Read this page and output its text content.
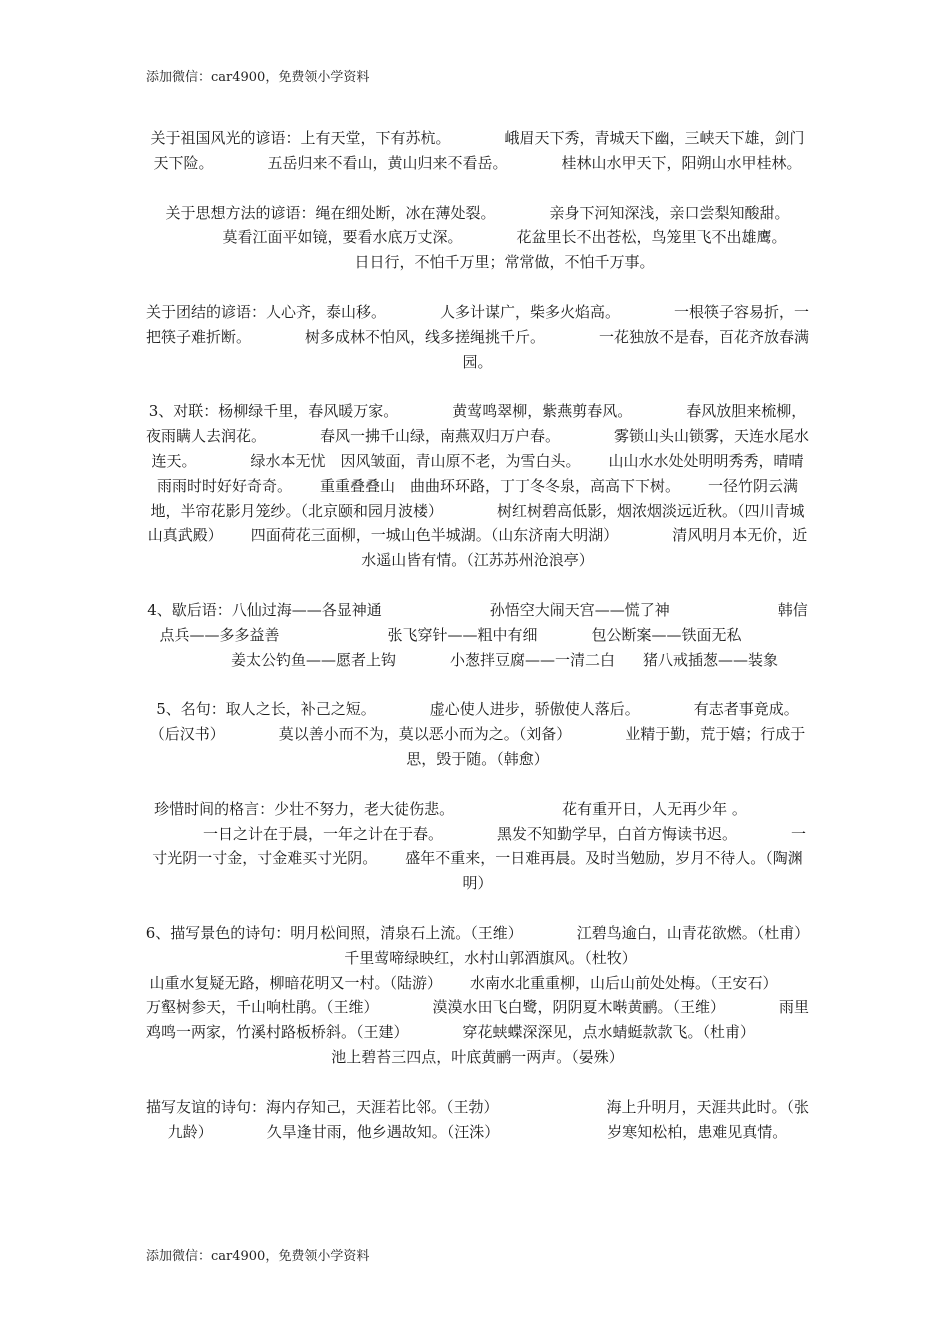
添加微信：car4900，免费领小学资料

关于祖国风光的谚语：上有天堂，下有苏杭。	峨眉天下秀，青城天下幽，三峡天下雄，剑门天下险。	五岳归来不看山，黄山归来不看岳。	桂林山水甲天下，阳朔山水甲桂林。

关于思想方法的谚语：绳在细处断，冰在薄处裂。	亲身下河知深浅，亲口尝梨知酸甜。莫看江面平如镜，要看水底万丈深。	花盆里长不出苍松，鸟笼里飞不出雄鹰。日日行，不怕千万里；常常做，不怕千万事。

关于团结的谚语：人心齐，泰山移。	人多计谋广，柴多火焰高。	一根筷子容易折，一把筷子难折断。	树多成林不怕风，线多搓绳挑千斤。	一花独放不是春，百花齐放春满园。

3、对联：杨柳绿千里，春风暖万家。	黄莺鸣翠柳，紫燕剪春风。	春风放胆来梳柳，夜雨瞒人去润花。	春风一拂千山绿，南燕双归万户春。	雾锁山头山锁雾，天连水尾水连天。	绿水本无忧　因风皱面，青山原不老，为雪白头。 山山水水处处明明秀秀，晴晴雨雨时时好好奇奇。 重重叠叠山　曲曲环环路，丁丁冬冬泉，高高下下树。 一径竹阴云满地，半帘花影月笼纱。（北京颐和园月波楼）	树红树碧高低影，烟浓烟淡远近秋。（四川青城山真武殿） 四面荷花三面柳，一城山色半城湖。（山东济南大明湖）	清风明月本无价，近水遥山皆有情。（江苏苏州沧浪亭）

4、歇后语：八仙过海——各显神通	孙悟空大闹天宫——慌了神	韩信点兵——多多益善	张飞穿针——粗中有细	包公断案——铁面无私姜太公钓鱼——愿者上钩	小葱拌豆腐——一清二白 猪八戒插葱——装象

5、名句：取人之长，补己之短。	虚心使人进步，骄傲使人落后。	有志者事竟成。（后汉书）	莫以善小而不为，莫以恶小而为之。（刘备）	业精于勤，荒于嬉；行成于思，毁于随。（韩愈）

珍惜时间的格言：少壮不努力，老大徒伤悲。	花有重开日，人无再少年 。一日之计在于晨，一年之计在于春。	黑发不知勤学早，白首方悔读书迟。	一寸光阴一寸金，寸金难买寸光阴。 盛年不重来，一日难再晨。及时当勉励，岁月不待人。（陶渊明）

6、描写景色的诗句：明月松间照，清泉石上流。（王维）	江碧鸟逾白，山青花欲燃。（杜甫）千里莺啼绿映红，水村山郭酒旗风。（杜牧）山重水复疑无路，柳暗花明又一村。（陆游） 水南水北重重柳，山后山前处处梅。（王安石）万壑树参天，千山响杜鹃。（王维）	漠漠水田飞白鹭，阴阴夏木啭黄鹂。（王维）	雨里鸡鸣一两家，竹溪村路板桥斜。（王建）	穿花蛱蝶深深见，点水蜻蜓款款飞。（杜甫）池上碧苔三四点，叶底黄鹂一两声。（晏殊）

描写友谊的诗句：海内存知己，天涯若比邻。（王勃）	海上升明月，天涯共此时。（张九龄）	久旱逢甘雨，他乡遇故知。（汪洙）	岁寒知松柏，患难见真情。

添加微信：car4900，免费领小学资料
